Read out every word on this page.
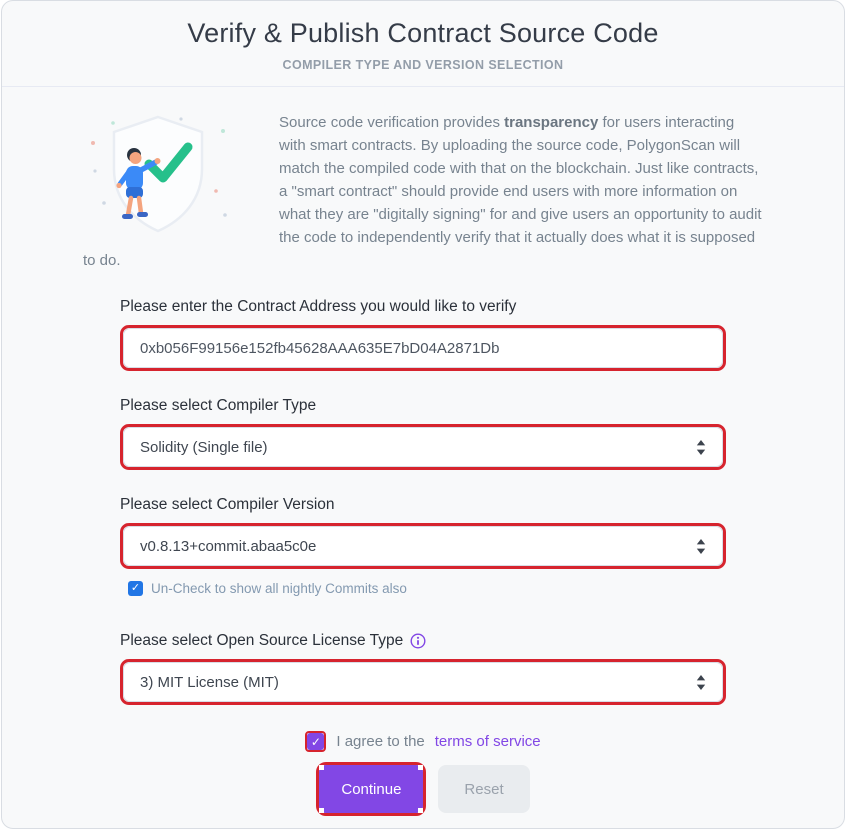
Verify & Publish Contract Source Code
COMPILER TYPE AND VERSION SELECTION
Source code verification provides transparency for users interacting with smart contracts. By uploading the source code, PolygonScan will match the compiled code with that on the blockchain. Just like contracts, a "smart contract" should provide end users with more information on what they are "digitally signing" for and give users an opportunity to audit the code to independently verify that it actually does what it is supposed to do.
Please enter the Contract Address you would like to verify
0xb056F99156e152fb45628AAA635E7bD04A2871Db
Please select Compiler Type
Solidity (Single file)
Please select Compiler Version
v0.8.13+commit.abaa5c0e
✓ Un-Check to show all nightly Commits also
Please select Open Source License Type
3) MIT License (MIT)
✓ I agree to the terms of service
Continue	Reset
